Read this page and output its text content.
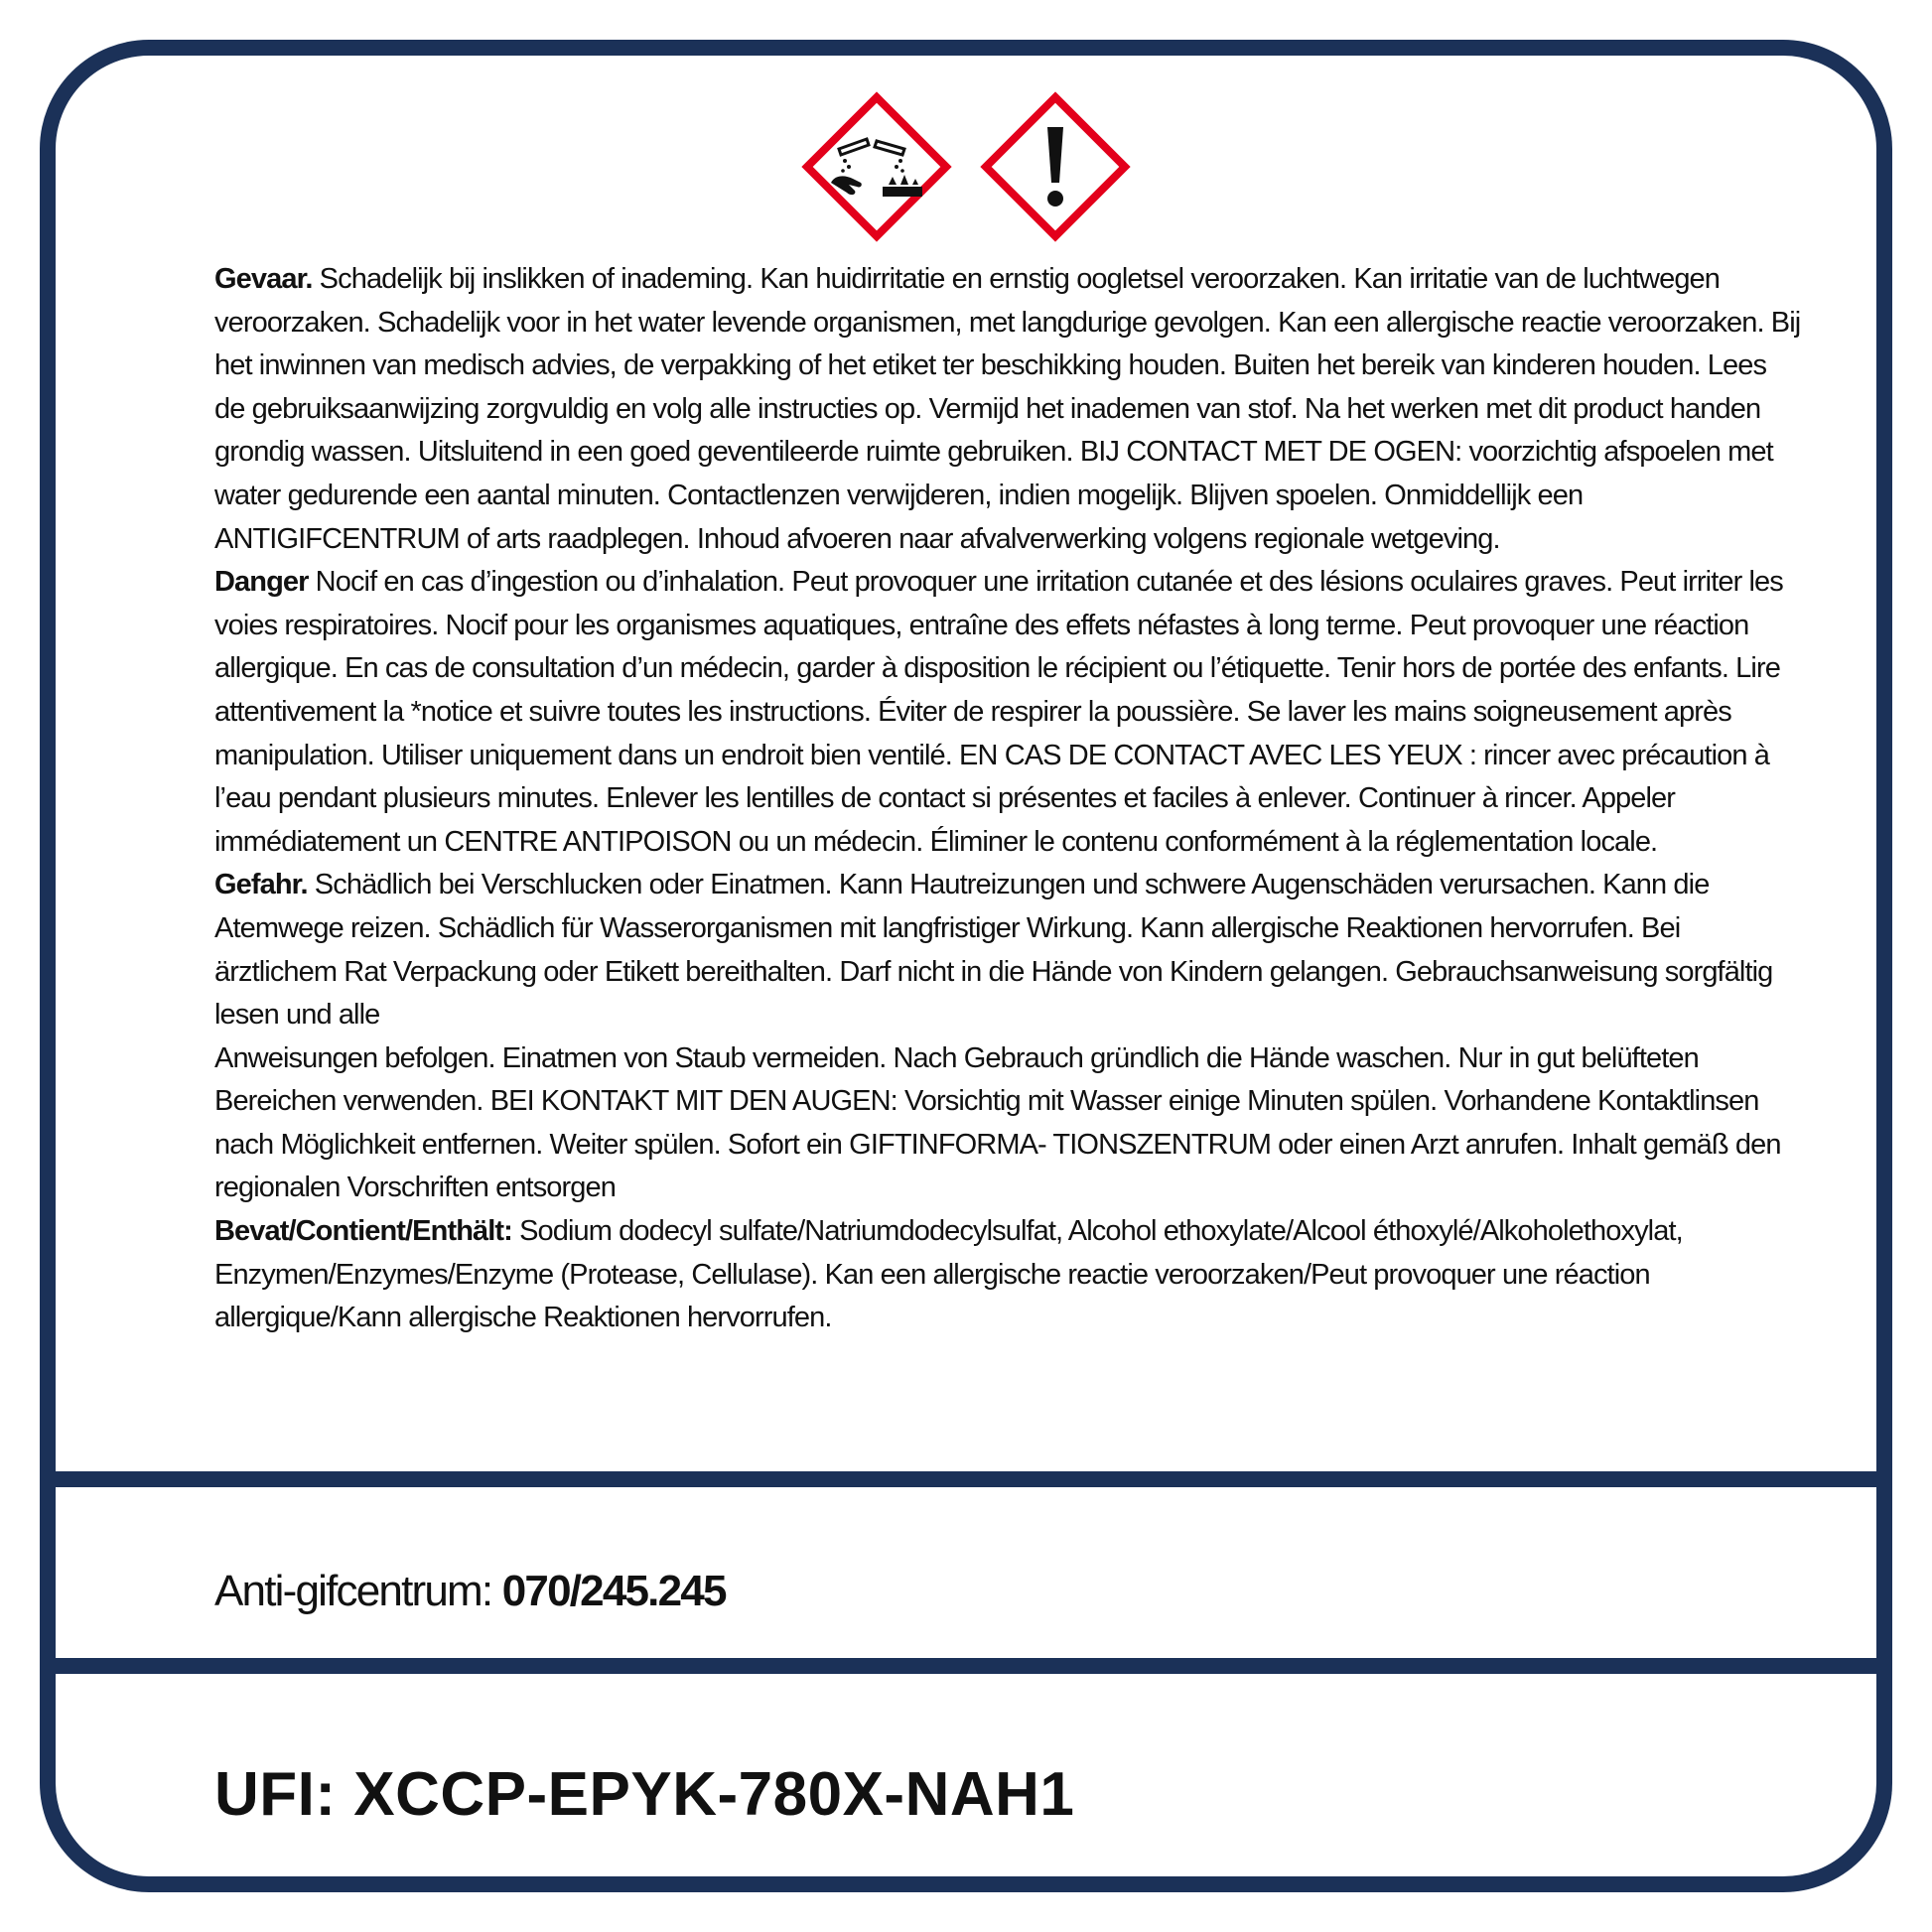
Gevaar. Schadelijk bij inslikken of inademing. Kan huidirritatie en ernstig oogletsel veroorzaken. Kan irritatie van de luchtwegen veroorzaken. Schadelijk voor in het water levende organismen, met langdurige gevolgen. Kan een allergische reactie veroorzaken. Bij het inwinnen van medisch advies, de verpakking of het etiket ter beschikking houden. Buiten het bereik van kinderen houden. Lees de gebruiksaanwijzing zorgvuldig en volg alle instructies op. Vermijd het inademen van stof. Na het werken met dit product handen grondig wassen. Uitsluitend in een goed geventileerde ruimte gebruiken. BIJ CONTACT MET DE OGEN: voorzichtig afspoelen met water gedurende een aantal minuten. Contactlenzen verwijderen, indien mogelijk. Blijven spoelen. Onmiddellijk een ANTIGIFCENTRUM of arts raadplegen. Inhoud afvoeren naar afvalverwerking volgens regionale wetgeving.

Danger Nocif en cas d’ingestion ou d’inhalation. Peut provoquer une irritation cutanée et des lésions oculaires graves. Peut irriter les voies respiratoires. Nocif pour les organismes aquatiques, entraîne des effets néfastes à long terme. Peut provoquer une réaction allergique. En cas de consultation d’un médecin, garder à disposition le récipient ou l’étiquette. Tenir hors de portée des enfants. Lire attentivement la *notice et suivre toutes les instructions. Éviter de respirer la poussière. Se laver les mains soigneusement après manipulation. Utiliser uniquement dans un endroit bien ventilé. EN CAS DE CONTACT AVEC LES YEUX : rincer avec précaution à l’eau pendant plusieurs minutes. Enlever les lentilles de contact si présentes et faciles à enlever. Continuer à rincer. Appeler immédiatement un CENTRE ANTIPOISON ou un médecin. Éliminer le contenu conformément à la réglementation locale.

Gefahr. Schädlich bei Verschlucken oder Einatmen. Kann Hautreizungen und schwere Augenschäden verursachen. Kann die Atemwege reizen. Schädlich für Wasserorganismen mit langfristiger Wirkung. Kann allergische Reaktionen hervorrufen. Bei ärztlichem Rat Verpackung oder Etikett bereithalten. Darf nicht in die Hände von Kindern gelangen. Gebrauchsanweisung sorgfältig lesen und alle

Anweisungen befolgen. Einatmen von Staub vermeiden. Nach Gebrauch gründlich die Hände waschen. Nur in gut belüfteten Bereichen verwenden. BEI KONTAKT MIT DEN AUGEN: Vorsichtig mit Wasser einige Minuten spülen. Vorhandene Kontaktlinsen nach Möglichkeit entfernen. Weiter spülen. Sofort ein GIFTINFORMA- TIONSZENTRUM oder einen Arzt anrufen. Inhalt gemäß den regionalen Vorschriften entsorgen

Bevat/Contient/Enthält: Sodium dodecyl sulfate/Natriumdodecylsulfat, Alcohol ethoxylate/Alcool éthoxylé/Alkoholethoxylat, Enzymen/Enzymes/Enzyme (Protease, Cellulase). Kan een allergische reactie veroorzaken/Peut provoquer une réaction allergique/Kann allergische Reaktionen hervorrufen.

Anti-gifcentrum: 070/245.245
UFI: XCCP-EPYK-780X-NAH1
